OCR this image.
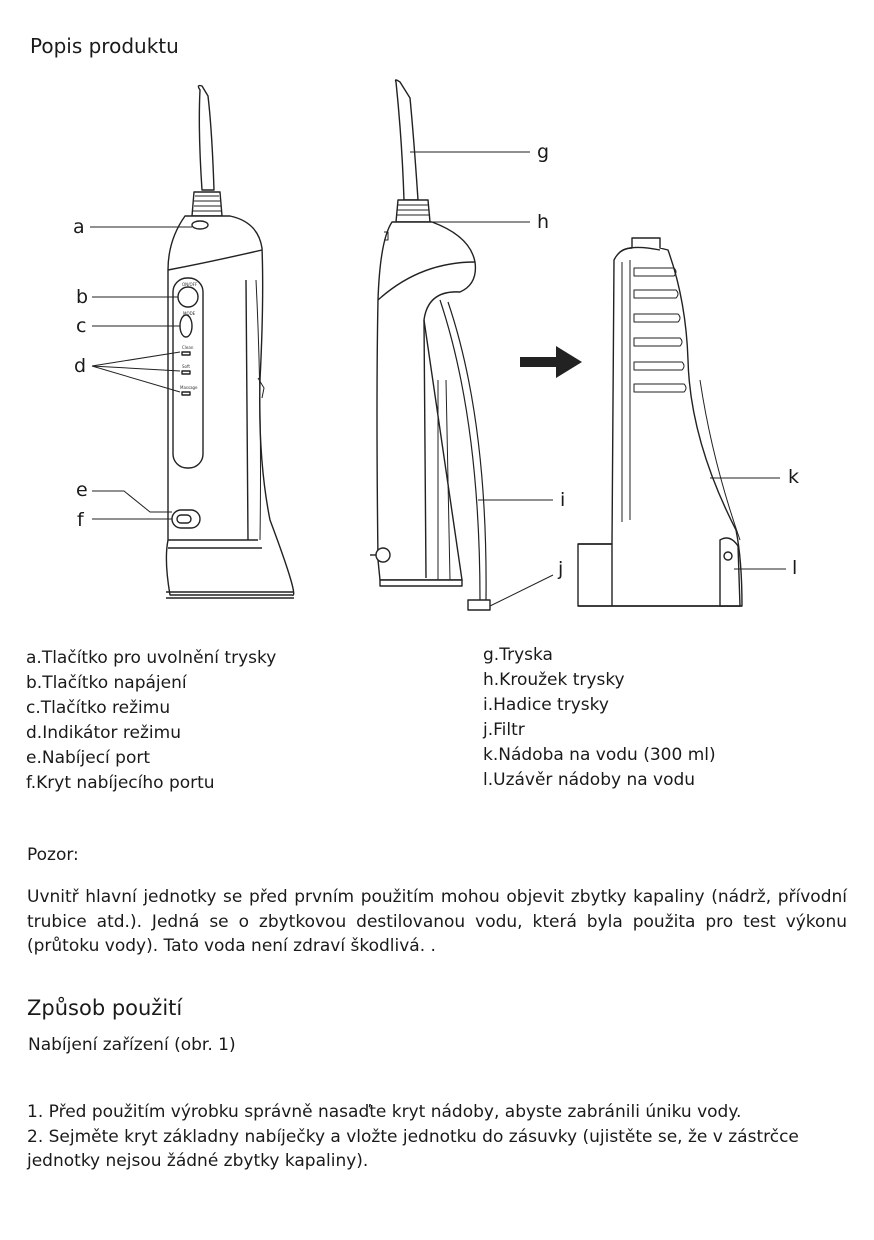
Popis produktu
ON/OFF
MODE
Clean
Soft
Massage
a
b
c
d
e
f
g
h
i
j
k
l
a.Tlačítko pro uvolnění trysky
b.Tlačítko napájení
c.Tlačítko režimu
d.Indikátor režimu
e.Nabíjecí port
f.Kryt nabíjecího portu
g.Tryska
h.Kroužek trysky
i.Hadice trysky
j.Filtr
k.Nádoba na vodu (300 ml)
l.Uzávěr nádoby na vodu
Pozor:
Uvnitř hlavní jednotky se před prvním použitím mohou objevit zbytky kapaliny (nádrž, přívodní trubice atd.). Jedná se o zbytkovou destilovanou vodu, která byla použita pro test výkonu (průtoku vody). Tato voda není zdraví škodlivá. .
Způsob použití
Nabíjení zařízení (obr. 1)

1. Před použitím výrobku správně nasaďte kryt nádoby, abyste zabránili úniku vody.

2. Sejměte kryt základny nabíječky a vložte jednotku do zásuvky (ujistěte se, že v zástrčce jednotky nejsou žádné zbytky kapaliny).
